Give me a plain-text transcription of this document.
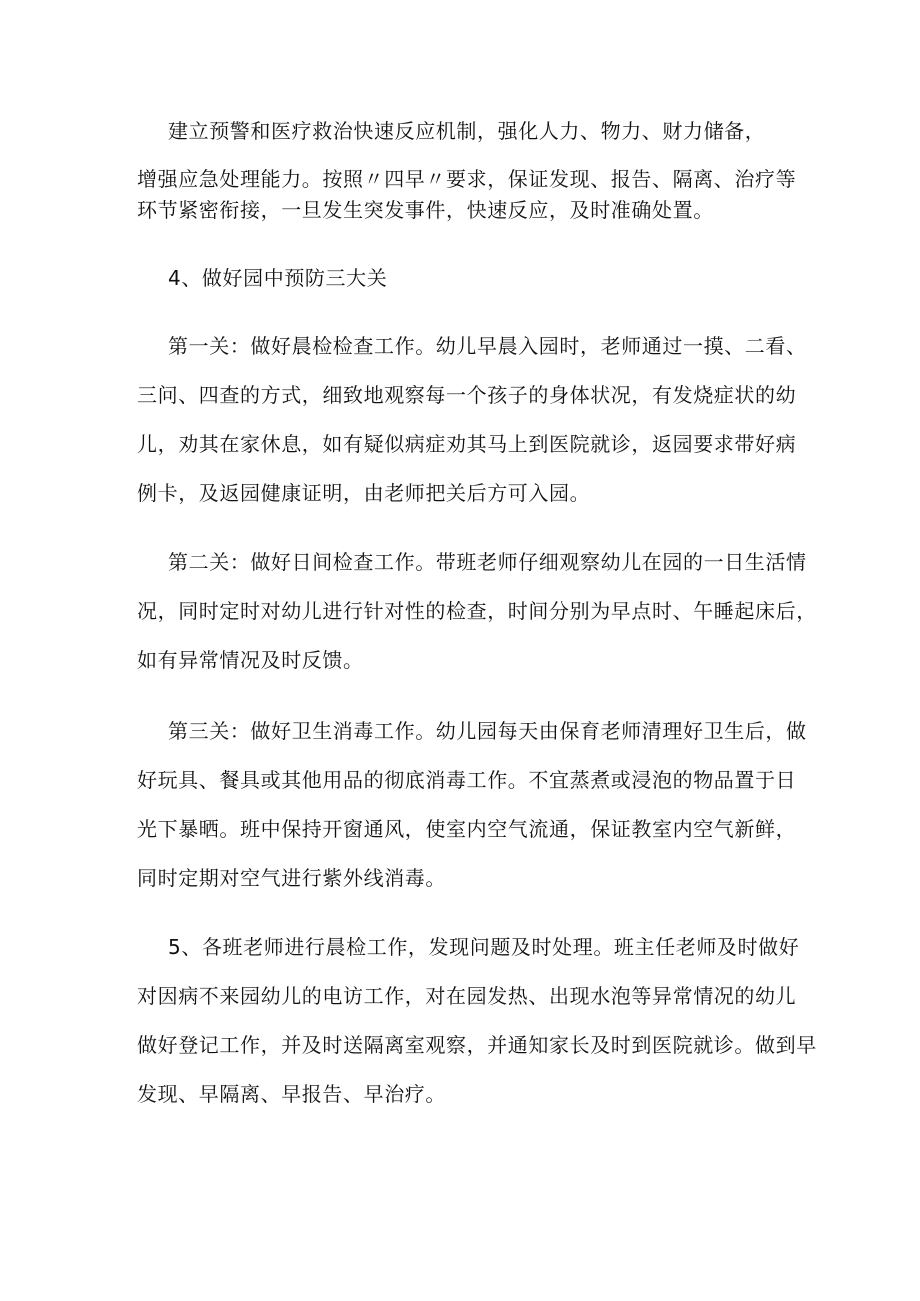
建立预警和医疗救治快速反应机制，强化人力、物力、财力储备，
增强应急处理能力。按照〃四早〃要求，保证发现、报告、隔离、治疗等
环节紧密衔接，一旦发生突发事件，快速反应，及时准确处置。
4、做好园中预防三大关
第一关：做好晨检检查工作。幼儿早晨入园时，老师通过一摸、二看、
三问、四查的方式，细致地观察每一个孩子的身体状况，有发烧症状的幼
儿，劝其在家休息，如有疑似病症劝其马上到医院就诊，返园要求带好病
例卡，及返园健康证明，由老师把关后方可入园。
第二关：做好日间检查工作。带班老师仔细观察幼儿在园的一日生活情
况，同时定时对幼儿进行针对性的检查，时间分别为早点时、午睡起床后，
如有异常情况及时反馈。
第三关：做好卫生消毒工作。幼儿园每天由保育老师清理好卫生后，做
好玩具、餐具或其他用品的彻底消毒工作。不宜蒸煮或浸泡的物品置于日
光下暴晒。班中保持开窗通风，使室内空气流通，保证教室内空气新鲜，
同时定期对空气进行紫外线消毒。
5、各班老师进行晨检工作，发现问题及时处理。班主任老师及时做好
对因病不来园幼儿的电访工作，对在园发热、出现水泡等异常情况的幼儿
做好登记工作，并及时送隔离室观察，并通知家长及时到医院就诊。做到早
发现、早隔离、早报告、早治疗。
